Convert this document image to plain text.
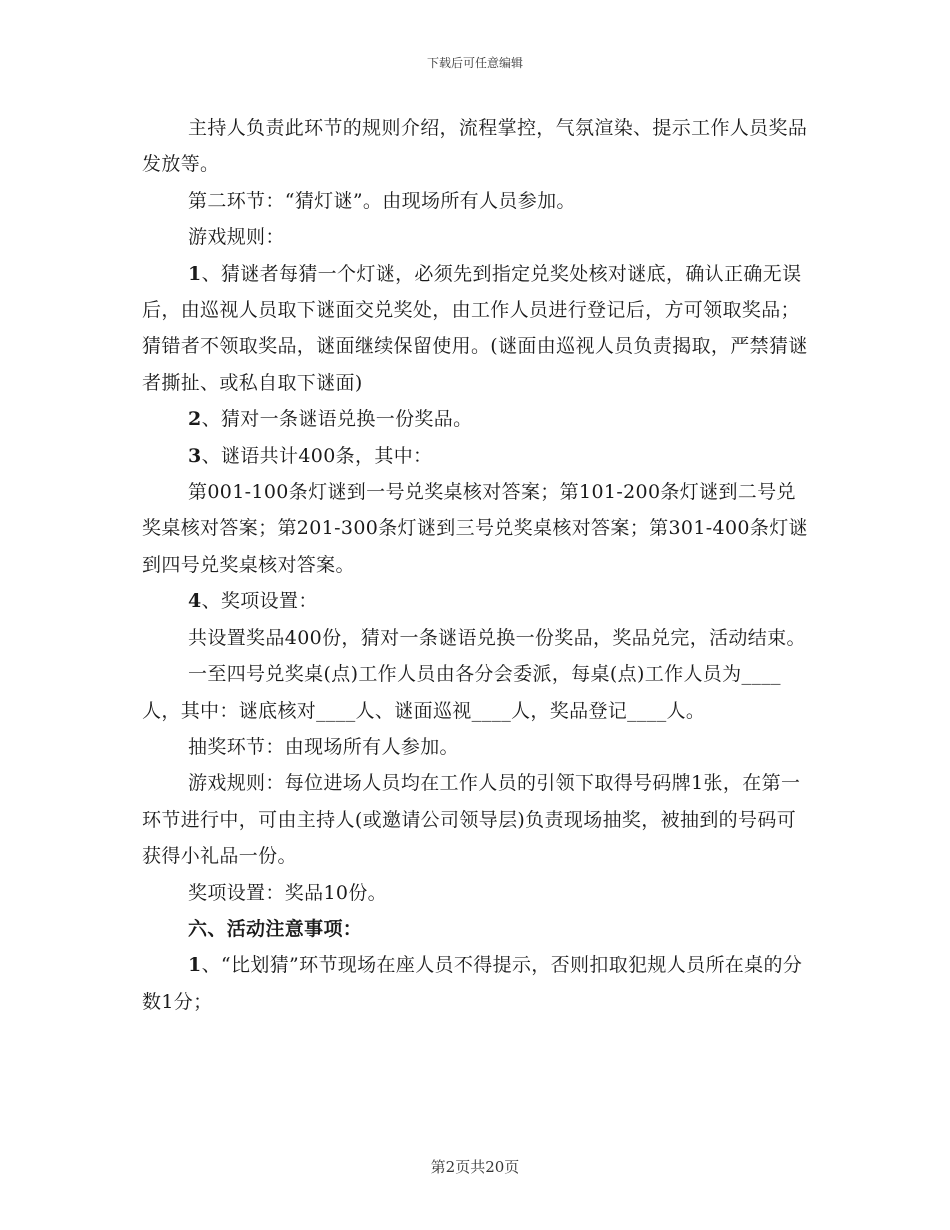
下载后可任意编辑

主持人负责此环节的规则介绍，流程掌控，气氛渲染、提示工作人员奖品发放等。

第二环节：“猜灯谜”。由现场所有人员参加。

游戏规则：

1、猜谜者每猜一个灯谜，必须先到指定兑奖处核对谜底，确认正确无误后，由巡视人员取下谜面交兑奖处，由工作人员进行登记后，方可领取奖品；猜错者不领取奖品，谜面继续保留使用。(谜面由巡视人员负责揭取，严禁猜谜者撕扯、或私自取下谜面)

2、猜对一条谜语兑换一份奖品。

3、谜语共计400条，其中：

第001-100条灯谜到一号兑奖桌核对答案；第101-200条灯谜到二号兑奖桌核对答案；第201-300条灯谜到三号兑奖桌核对答案；第301-400条灯谜到四号兑奖桌核对答案。

4、奖项设置：

共设置奖品400份，猜对一条谜语兑换一份奖品，奖品兑完，活动结束。

一至四号兑奖桌(点)工作人员由各分会委派，每桌(点)工作人员为____人，其中：谜底核对____人、谜面巡视____人，奖品登记____人。

抽奖环节：由现场所有人参加。

游戏规则：每位进场人员均在工作人员的引领下取得号码牌1张，在第一环节进行中，可由主持人(或邀请公司领导层)负责现场抽奖，被抽到的号码可获得小礼品一份。

奖项设置：奖品10份。

六、活动注意事项：

1、“比划猜”环节现场在座人员不得提示，否则扣取犯规人员所在桌的分数1分；

第2页共20页
